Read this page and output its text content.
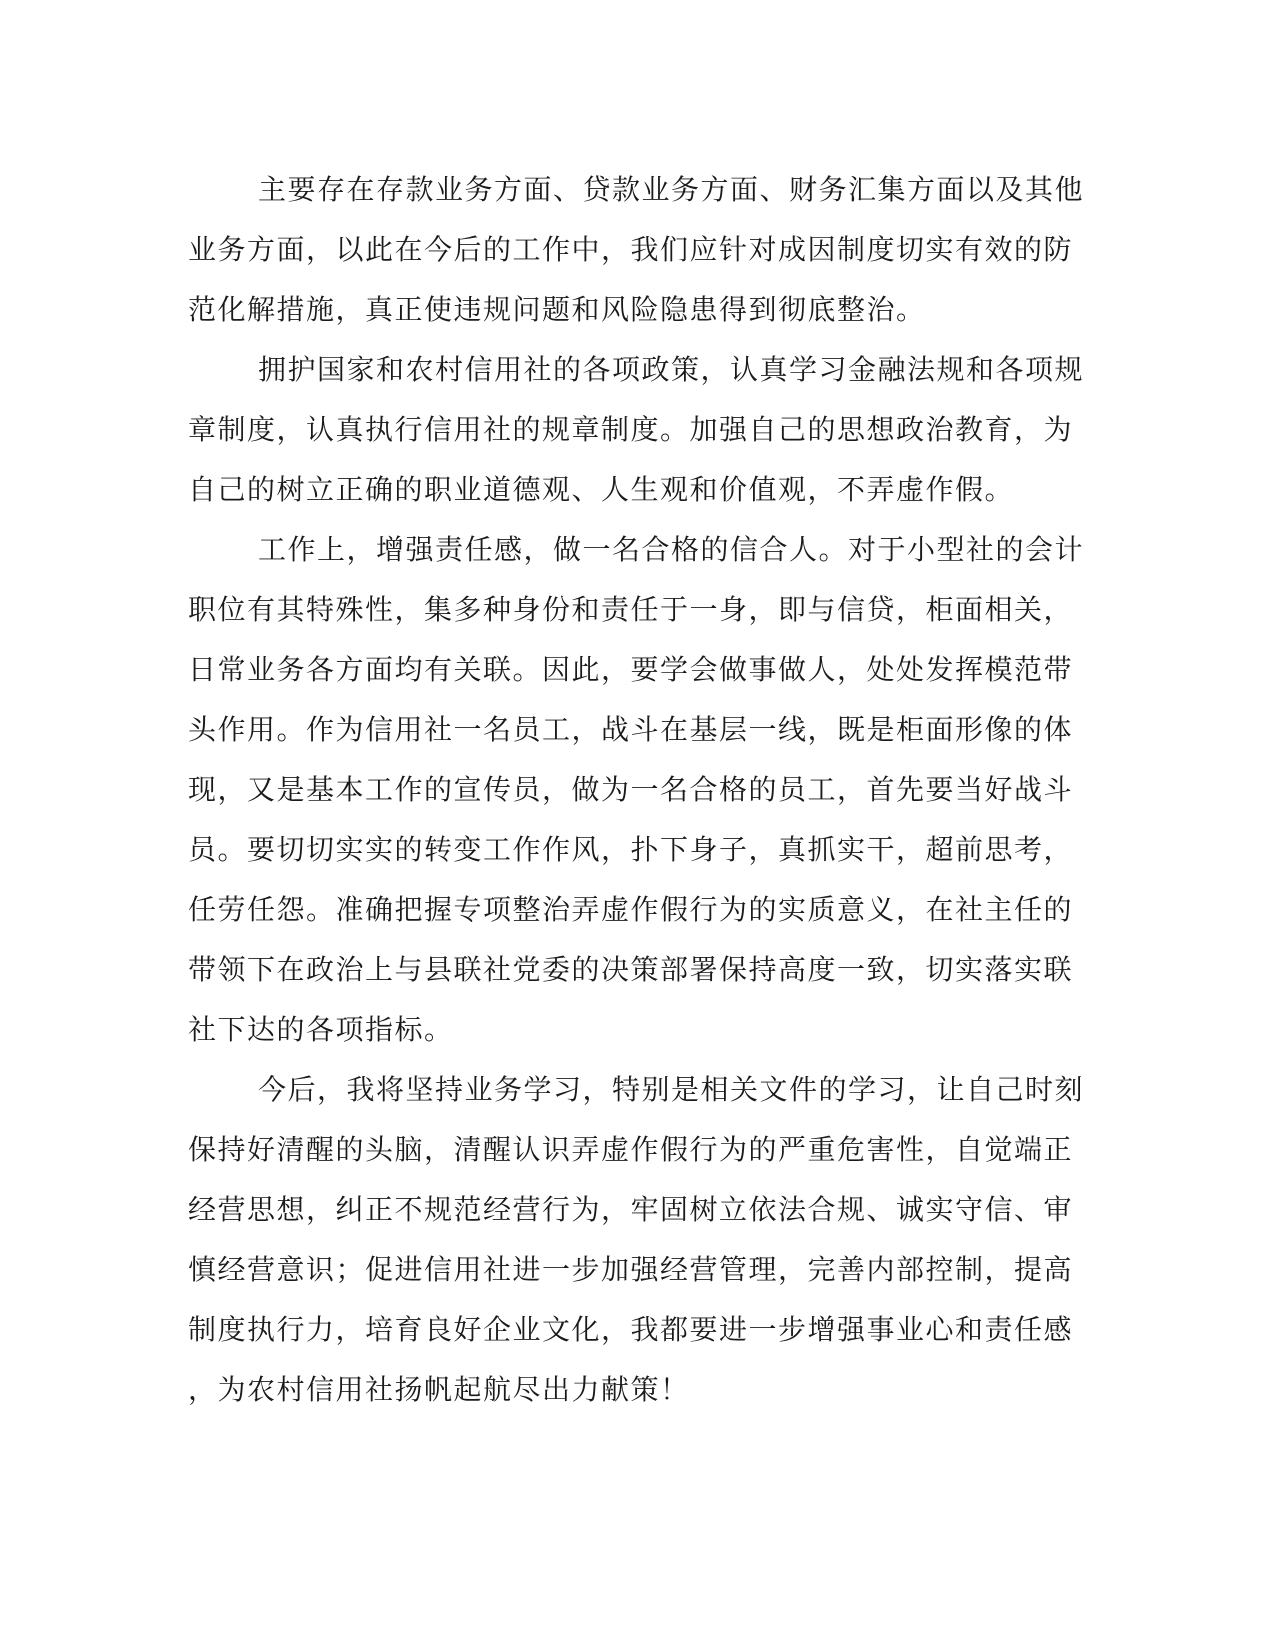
主要存在存款业务方面、贷款业务方面、财务汇集方面以及其他
业务方面，以此在今后的工作中，我们应针对成因制度切实有效的防
范化解措施，真正使违规问题和风险隐患得到彻底整治。
拥护国家和农村信用社的各项政策，认真学习金融法规和各项规
章制度，认真执行信用社的规章制度。加强自己的思想政治教育，为
自己的树立正确的职业道德观、人生观和价值观，不弄虚作假。
工作上，增强责任感，做一名合格的信合人。对于小型社的会计
职位有其特殊性，集多种身份和责任于一身，即与信贷，柜面相关，
日常业务各方面均有关联。因此，要学会做事做人，处处发挥模范带
头作用。作为信用社一名员工，战斗在基层一线，既是柜面形像的体
现，又是基本工作的宣传员，做为一名合格的员工，首先要当好战斗
员。要切切实实的转变工作作风，扑下身子，真抓实干，超前思考，
任劳任怨。准确把握专项整治弄虚作假行为的实质意义，在社主任的
带领下在政治上与县联社党委的决策部署保持高度一致，切实落实联
社下达的各项指标。
今后，我将坚持业务学习，特别是相关文件的学习，让自己时刻
保持好清醒的头脑，清醒认识弄虚作假行为的严重危害性，自觉端正
经营思想，纠正不规范经营行为，牢固树立依法合规、诚实守信、审
慎经营意识；促进信用社进一步加强经营管理，完善内部控制，提高
制度执行力，培育良好企业文化，我都要进一步增强事业心和责任感
，为农村信用社扬帆起航尽出力献策！
